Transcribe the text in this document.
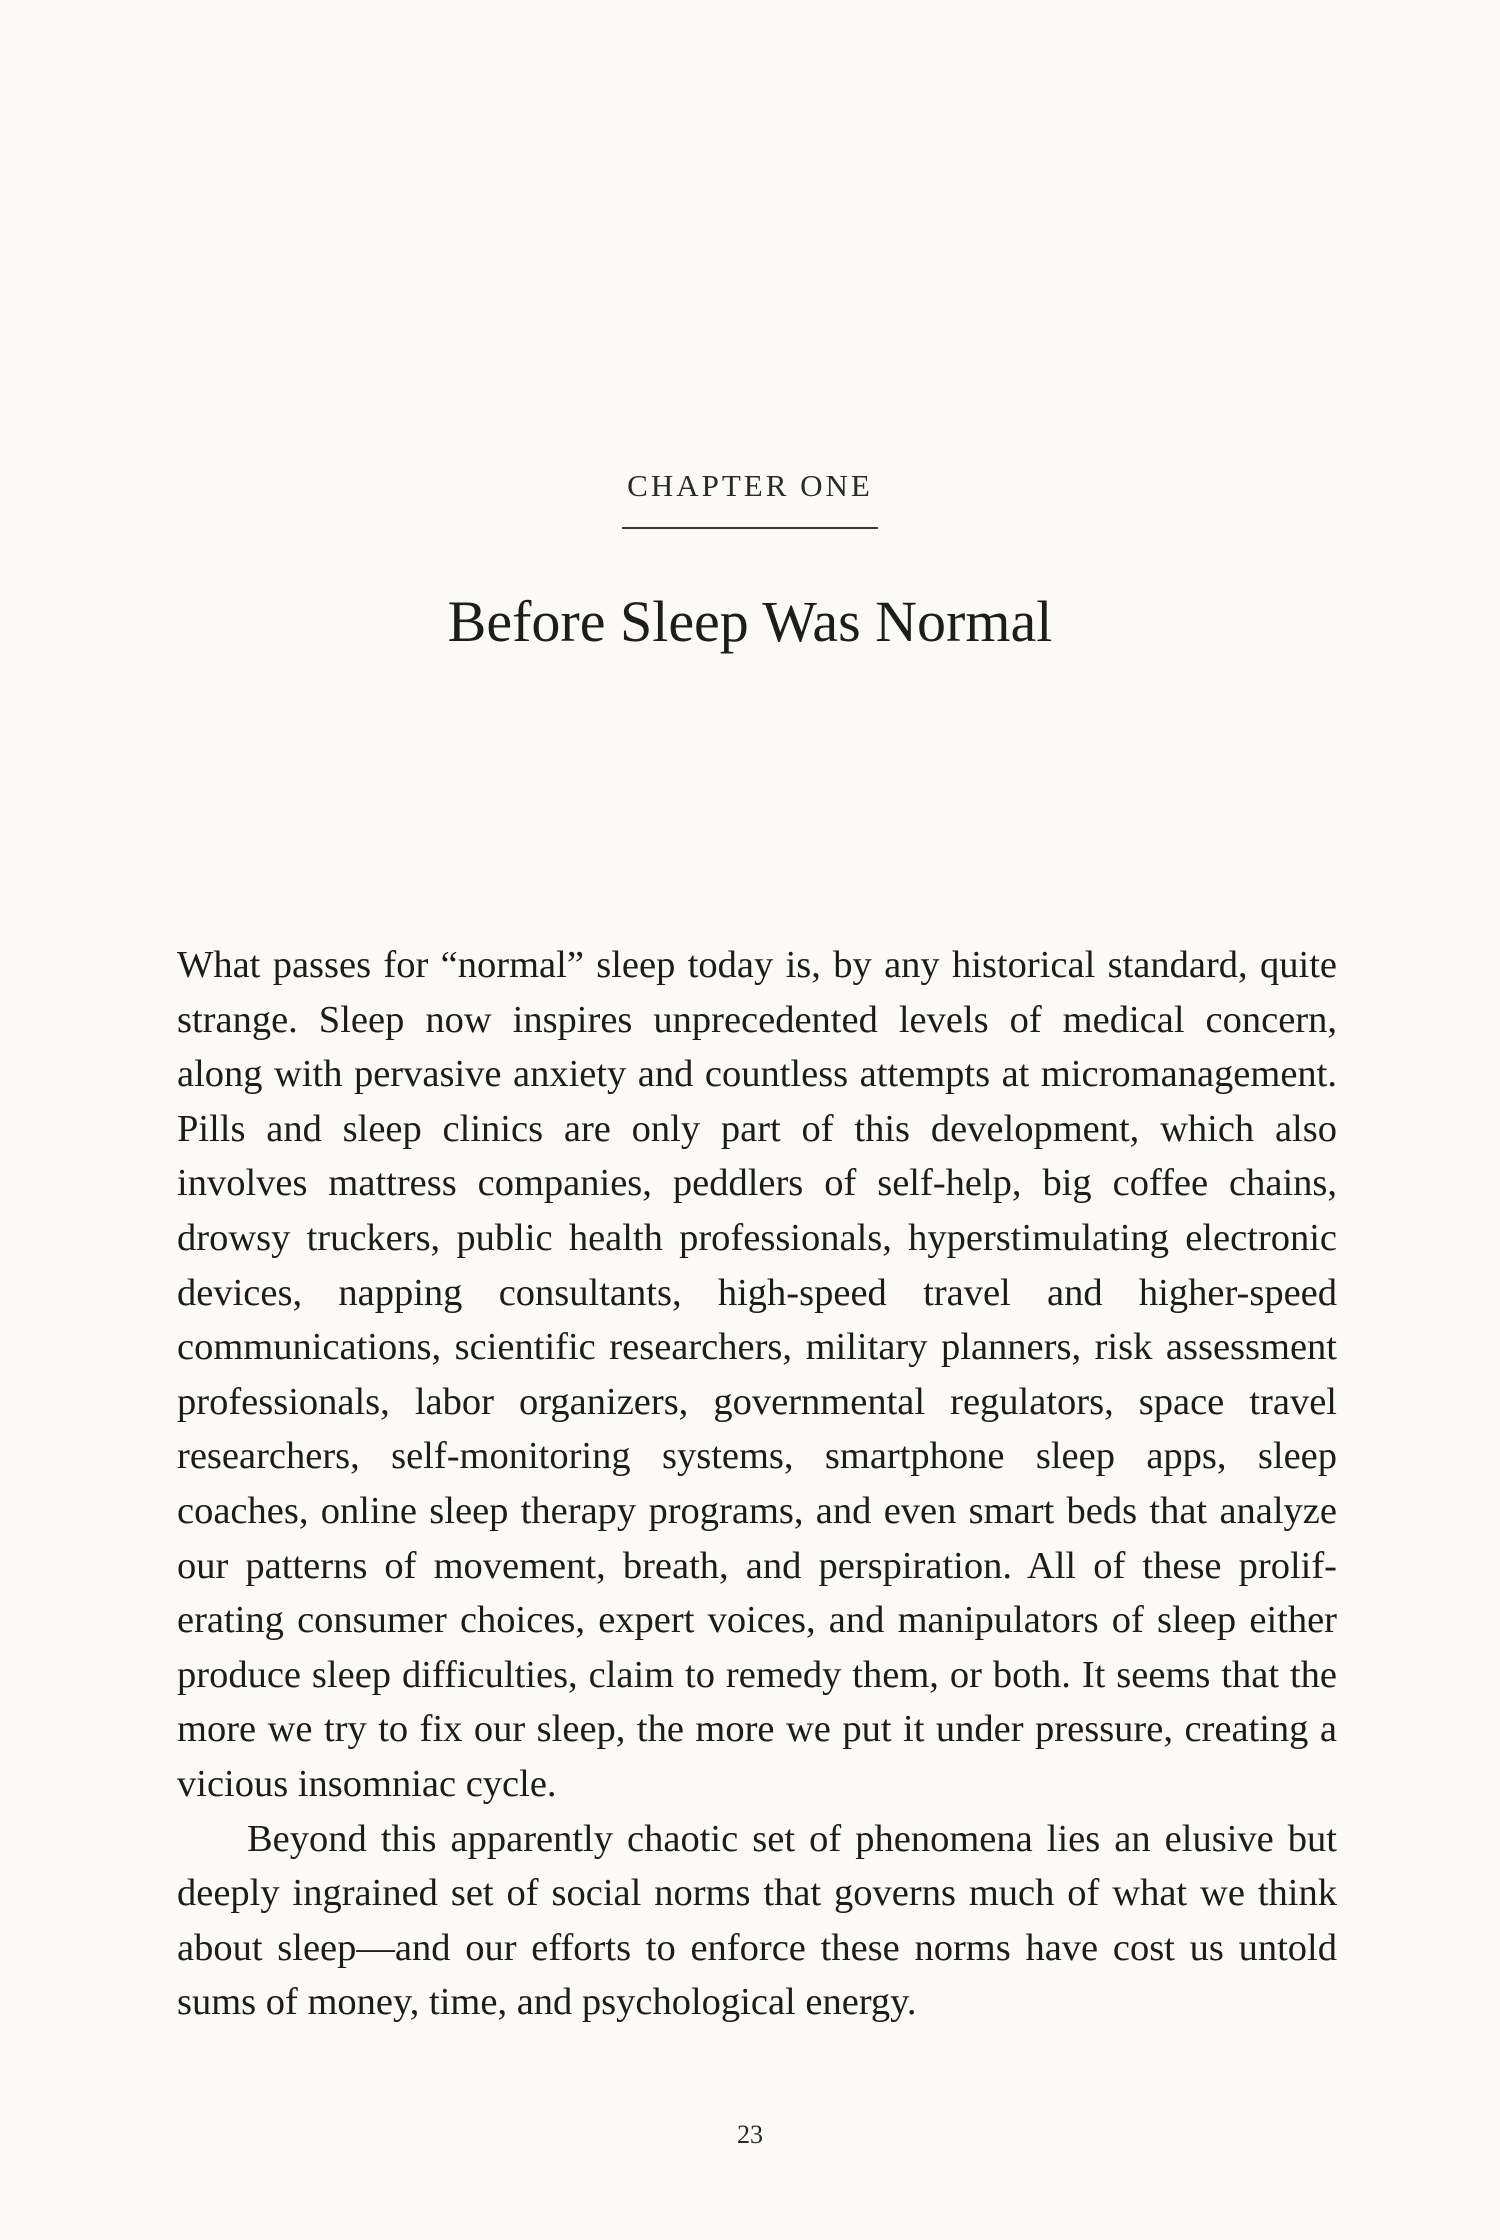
CHAPTER ONE
Before Sleep Was Normal

What passes for “normal” sleep today is, by any historical standard, quite strange. Sleep now inspires unprecedented levels of medical concern, along with pervasive anxiety and countless attempts at micromanagement. Pills and sleep clinics are only part of this development, which also involves mattress companies, peddlers of self-help, big coffee chains, drowsy truckers, public health professionals, hyperstimulating electronic devices, napping consultants, high-speed travel and higher-speed communications, scientific researchers, military planners, risk assessment professionals, labor organizers, governmental regulators, space travel researchers, self-monitoring systems, smartphone sleep apps, sleep coaches, online sleep therapy programs, and even smart beds that analyze our patterns of movement, breath, and perspiration. All of these proliferating consumer choices, expert voices, and manipulators of sleep either produce sleep difficulties, claim to remedy them, or both. It seems that the more we try to fix our sleep, the more we put it under pressure, creating a vicious insomniac cycle.

Beyond this apparently chaotic set of phenomena lies an elusive but deeply ingrained set of social norms that governs much of what we think about sleep—and our efforts to enforce these norms have cost us untold sums of money, time, and psychological energy.

23
